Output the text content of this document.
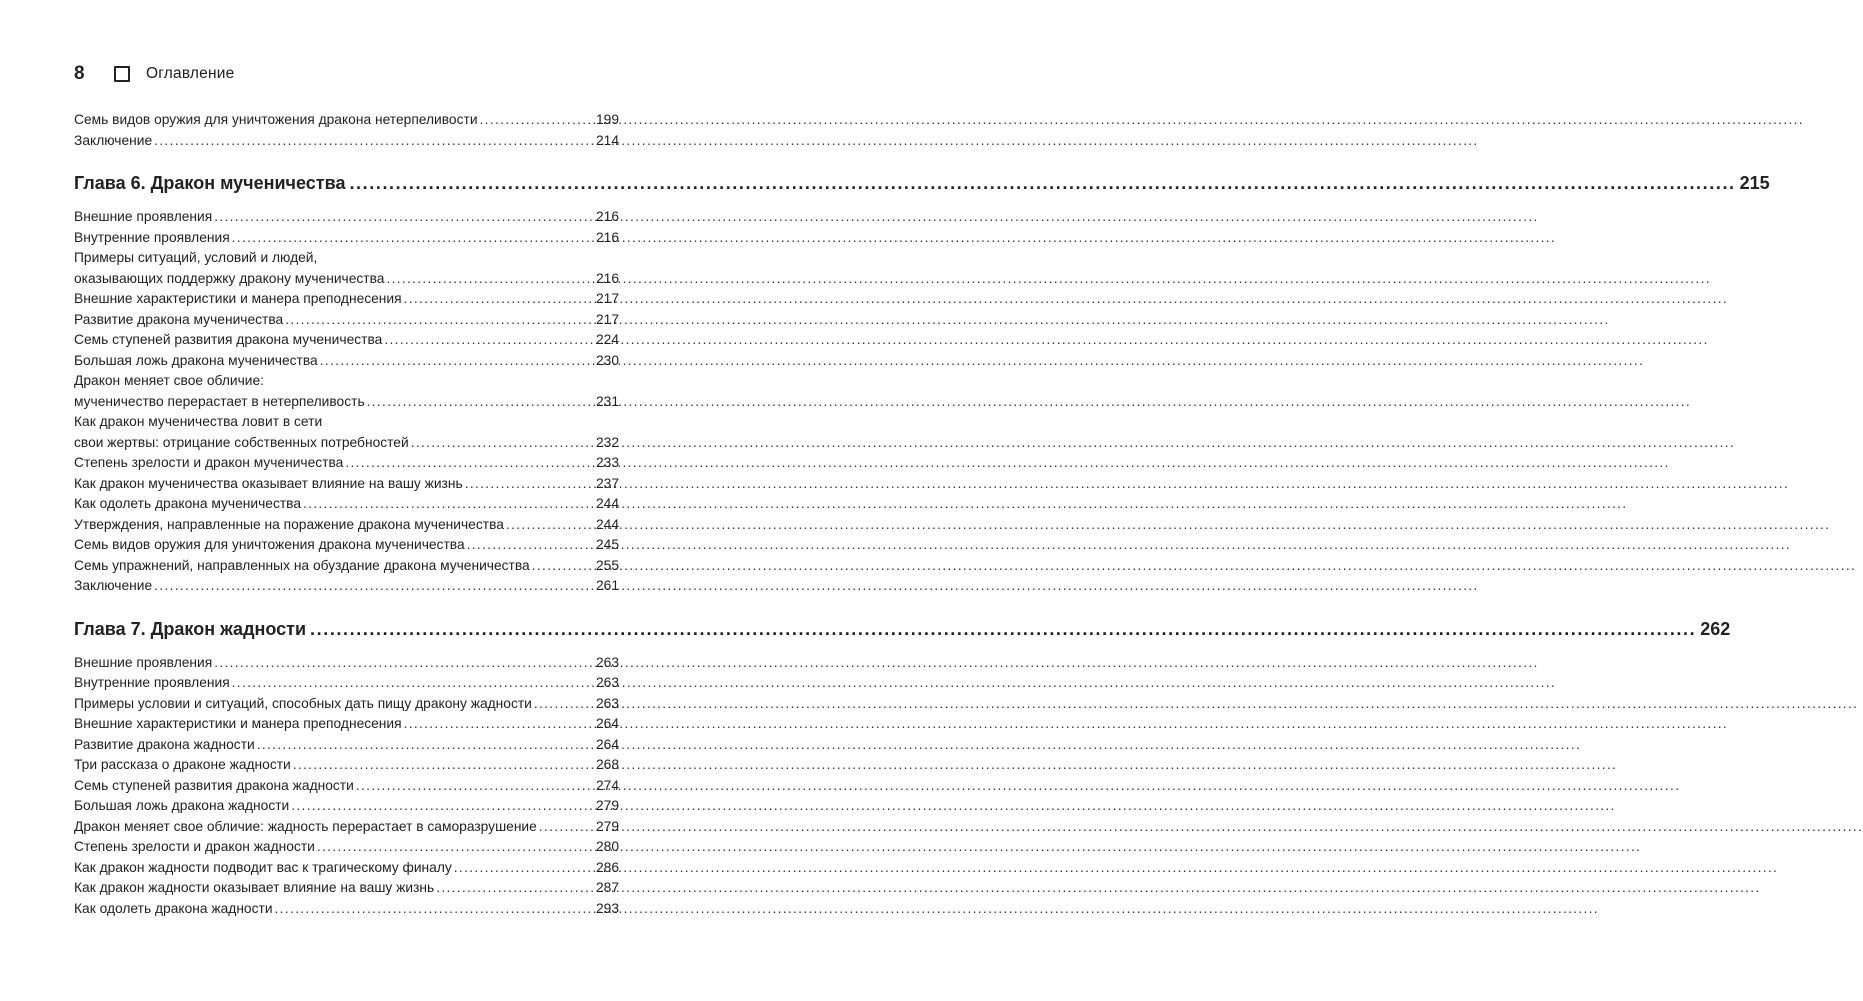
8	Оглавление
Семь видов оружия для уничтожения дракона нетерпеливости .....	199
Заключение .....	214
Глава 6. Дракон мученичества .....	215
Внешние проявления .....	216
Внутренние проявления .....	216
Примеры ситуаций, условий и людей,
оказывающих поддержку дракону мученичества .....	216
Внешние характеристики и манера преподнесения .....	217
Развитие дракона мученичества .....	217
Семь ступеней развития дракона мученичества .....	224
Большая ложь дракона мученичества .....	230
Дракон меняет свое обличие:
мученичество перерастает в нетерпеливость .....	231
Как дракон мученичества ловит в сети
свои жертвы: отрицание собственных потребностей .....	232
Степень зрелости и дракон мученичества .....	233
Как дракон мученичества оказывает влияние на вашу жизнь .....	237
Как одолеть дракона мученичества .....	244
Утверждения, направленные на поражение дракона мученичества .....	244
Семь видов оружия для уничтожения дракона мученичества .....	245
Семь упражнений, направленных на обуздание дракона мученичества .....	255
Заключение .....	261
Глава 7. Дракон жадности .....	262
Внешние проявления .....	263
Внутренние проявления .....	263
Примеры условии и ситуаций, способных дать пищу дракону жадности .....	263
Внешние характеристики и манера преподнесения .....	264
Развитие дракона жадности .....	264
Три рассказа о драконе жадности .....	268
Семь ступеней развития дракона жадности .....	274
Большая ложь дракона жадности .....	279
Дракон меняет свое обличие: жадность перерастает в саморазрушение .....	279
Степень зрелости и дракон жадности .....	280
Как дракон жадности подводит вас к трагическому финалу .....	286
Как дракон жадности оказывает влияние на вашу жизнь .....	287
Как одолеть дракона жадности .....	293
